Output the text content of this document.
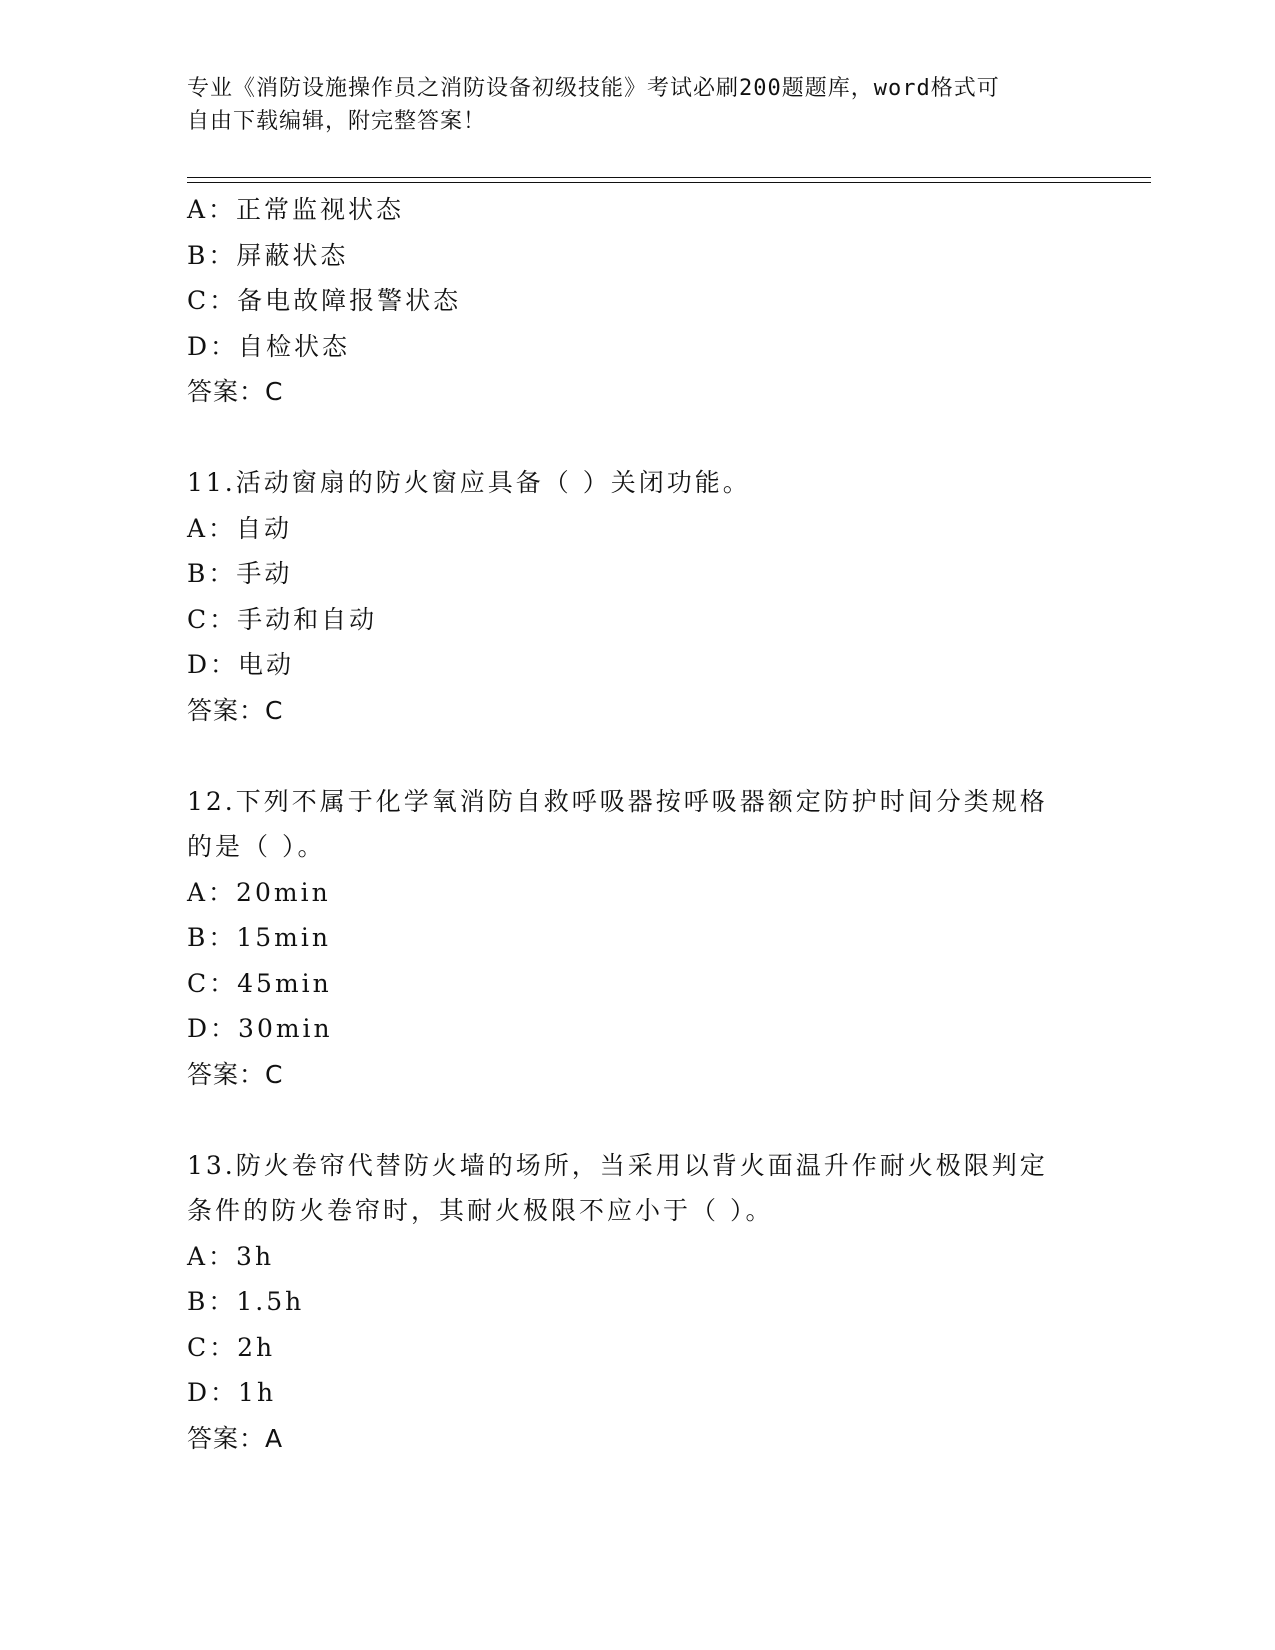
专业《消防设施操作员之消防设备初级技能》考试必刷200题题库，word格式可
自由下载编辑，附完整答案！
A：正常监视状态
B：屏蔽状态
C：备电故障报警状态
D：自检状态
答案：C
11.活动窗扇的防火窗应具备（ ）关闭功能。
A：自动
B：手动
C：手动和自动
D：电动
答案：C
12.下列不属于化学氧消防自救呼吸器按呼吸器额定防护时间分类规格
的是（ ）。
A：20min
B：15min
C：45min
D：30min
答案：C
13.防火卷帘代替防火墙的场所，当采用以背火面温升作耐火极限判定
条件的防火卷帘时，其耐火极限不应小于（ ）。
A：3h
B：1.5h
C：2h
D：1h
答案：A
